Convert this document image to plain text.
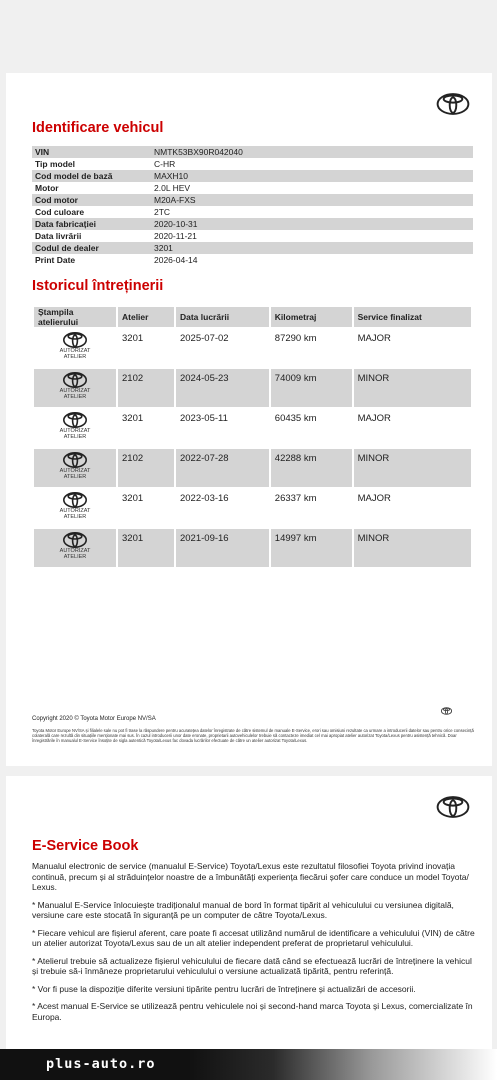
Identificare vehicul
VIN	NMTK53BX90R042040
Tip model	C-HR
Cod model de bază	MAXH10
Motor	2.0L HEV
Cod motor	M20A-FXS
Cod culoare	2TC
Data fabricației	2020-10-31
Data livrării	2020-11-21
Codul de dealer	3201
Print Date	2026-04-14
Istoricul întreținerii
Ștampila atelierului	Atelier	Data lucrării	Kilometraj	Service finalizat

AUTORIZAT
ATELIER	3201	2025-07-02	87290 km	MAJOR

AUTORIZAT
ATELIER	2102	2024-05-23	74009 km	MINOR

AUTORIZAT
ATELIER	3201	2023-05-11	60435 km	MAJOR

AUTORIZAT
ATELIER	2102	2022-07-28	42288 km	MINOR

AUTORIZAT
ATELIER	3201	2022-03-16	26337 km	MAJOR

AUTORIZAT
ATELIER	3201	2021-09-16	14997 km	MINOR
Copyright 2020 © Toyota Motor Europe NV/SA

Toyota Motor Europe NV/SA și filialele sale nu pot fi trase la răspundere pentru acuratețea datelor înregistrate de către sistemul de manuale E-Service, erori sau omisiuni rezultate ca urmare a introducerii datelor sau pentru orice consecință colaterală care rezultă din situațiile menționate mai sus. În cazul introducerii unor date eronate, proprietarii autovehiculelor trebuie să contacteze imediat cel mai apropiat atelier autorizat Toyota/Lexus pentru asistență tehnică. Doar înregistrările în manualul E-Service însoțite de sigla autentică Toyota/Lexus fac dovada lucrărilor efectuate de către un atelier autorizat Toyota/Lexus.

E-Service Book

Manualul electronic de service (manualul E-Service) Toyota/Lexus este rezultatul filosofiei Toyota privind inovația continuă, precum și al străduințelor noastre de a îmbunătăți experiența fiecărui șofer care conduce un model Toyota/ Lexus.

* Manualul E-Service înlocuiește tradiționalul manual de bord în format tipărit al vehiculului cu versiunea digitală, versiune care este stocată în siguranță pe un computer de către Toyota/Lexus.

* Fiecare vehicul are fișierul aferent, care poate fi accesat utilizând numărul de identificare a vehiculului (VIN) de către un atelier autorizat Toyota/Lexus sau de un alt atelier independent preferat de proprietarul vehiculului.

* Atelierul trebuie să actualizeze fișierul vehiculului de fiecare dată când se efectuează lucrări de întreținere la vehicul și trebuie să-i înmâneze proprietarului vehiculului o versiune actualizată tipărită, pentru referință.

* Vor fi puse la dispoziție diferite versiuni tipărite pentru lucrări de întreținere și actualizări de accesorii.

* Acest manual E-Service se utilizează pentru vehiculele noi și second-hand marca Toyota și Lexus, comercializate în Europa.

plus-auto.ro
